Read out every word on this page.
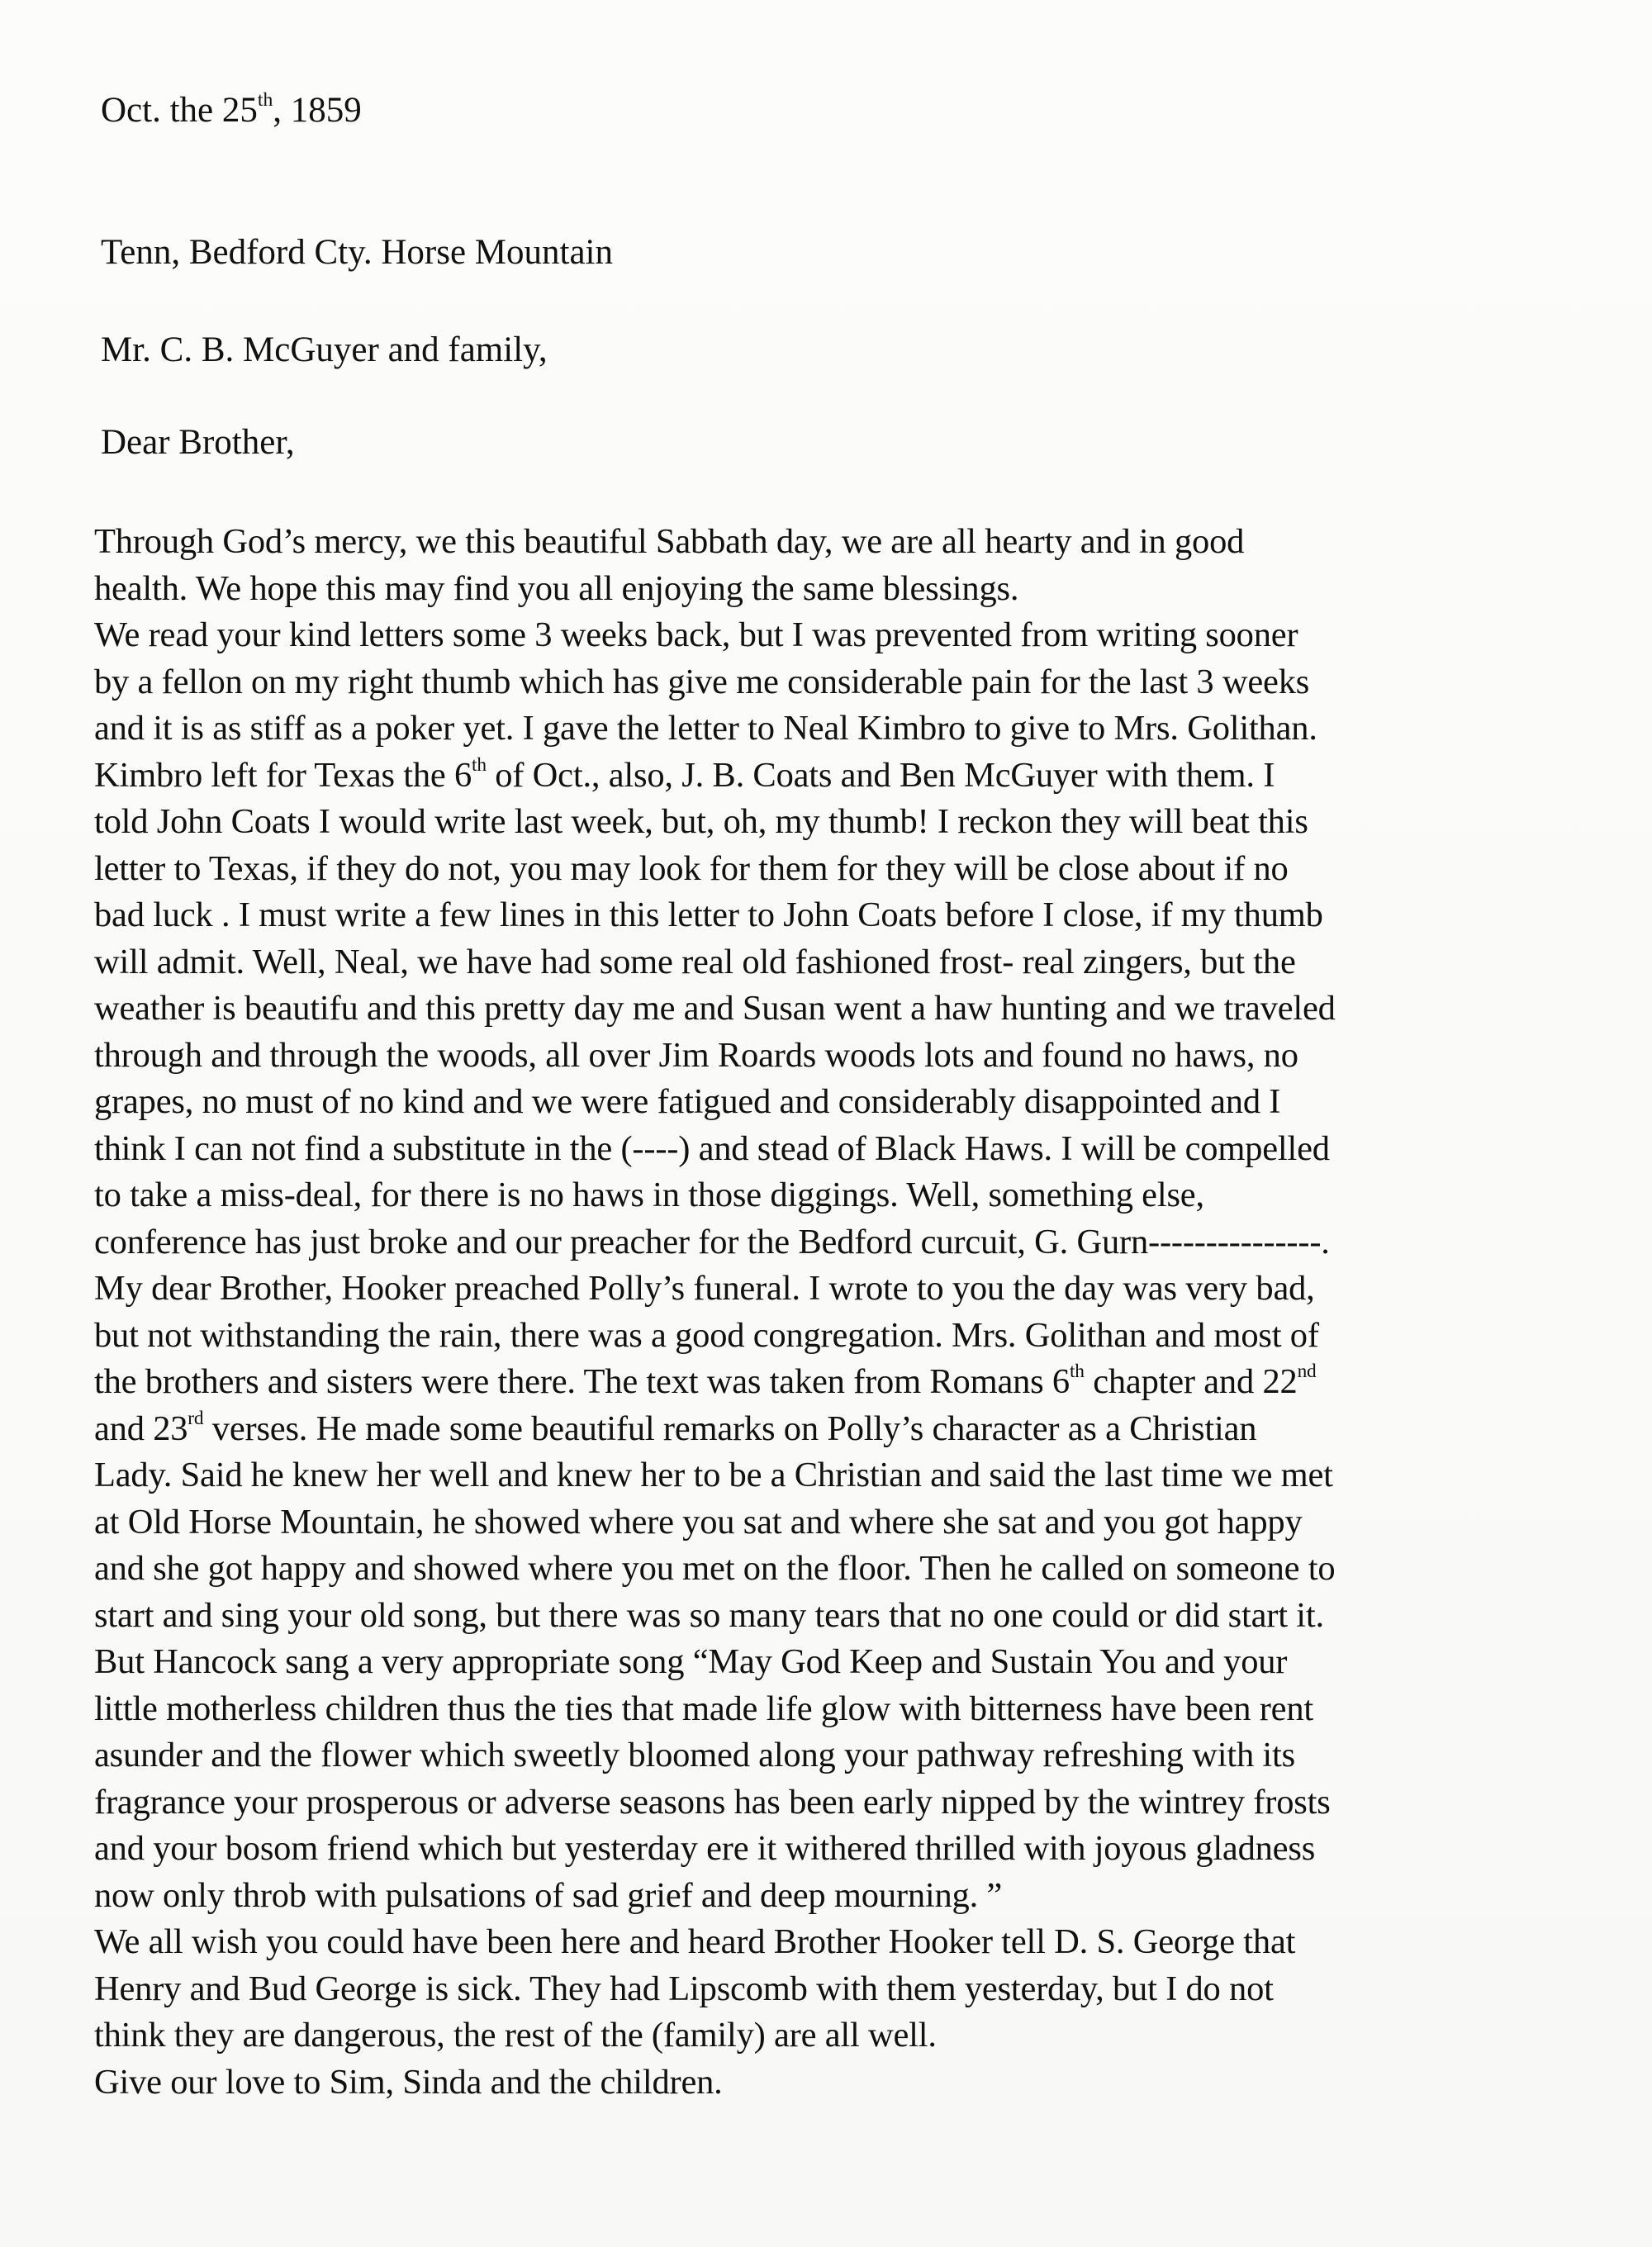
Oct. the 25th, 1859
Tenn, Bedford Cty. Horse Mountain
Mr. C. B. McGuyer and family,
Dear Brother,
Through God’s mercy, we this beautiful Sabbath day, we are all hearty and in good
health. We hope this may find you all enjoying the same blessings.
We read your kind letters some 3 weeks back, but I was prevented from writing sooner
by a fellon on my right thumb which has give me considerable pain for the last 3 weeks
and it is as stiff as a poker yet. I gave the letter to Neal Kimbro to give to Mrs. Golithan.
Kimbro left for Texas the 6th of Oct., also, J. B. Coats and Ben McGuyer with them. I
told John Coats I would write last week, but, oh, my thumb! I reckon they will beat this
letter to Texas, if they do not, you may look for them for they will be close about if no
bad luck . I must write a few lines in this letter to John Coats before I close, if my thumb
will admit. Well, Neal, we have had some real old fashioned frost- real zingers, but the
weather is beautifu and this pretty day me and Susan went a haw hunting and we traveled
through and through the woods, all over Jim Roards woods lots and found no haws, no
grapes, no must of no kind and we were fatigued and considerably disappointed and I
think I can not find a substitute in the (----) and stead of Black Haws. I will be compelled
to take a miss-deal, for there is no haws in those diggings. Well, something else,
conference has just broke and our preacher for the Bedford curcuit, G. Gurn---------------.
My dear Brother, Hooker preached Polly’s funeral. I wrote to you the day was very bad,
but not withstanding the rain, there was a good congregation. Mrs. Golithan and most of
the brothers and sisters were there. The text was taken from Romans 6th chapter and 22nd
and 23rd verses. He made some beautiful remarks on Polly’s character as a Christian
Lady. Said he knew her well and knew her to be a Christian and said the last time we met
at Old Horse Mountain, he showed where you sat and where she sat and you got happy
and she got happy and showed where you met on the floor. Then he called on someone to
start and sing your old song, but there was so many tears that no one could or did start it.
But Hancock sang a very appropriate song “May God Keep and Sustain You and your
little motherless children thus the ties that made life glow with bitterness have been rent
asunder and the flower which sweetly bloomed along your pathway refreshing with its
fragrance your prosperous or adverse seasons has been early nipped by the wintrey frosts
and your bosom friend which but yesterday ere it withered thrilled with joyous gladness
now only throb with pulsations of sad grief and deep mourning. ”
We all wish you could have been here and heard Brother Hooker tell D. S. George that
Henry and Bud George is sick. They had Lipscomb with them yesterday, but I do not
think they are dangerous, the rest of the (family) are all well.
Give our love to Sim, Sinda and the children.
